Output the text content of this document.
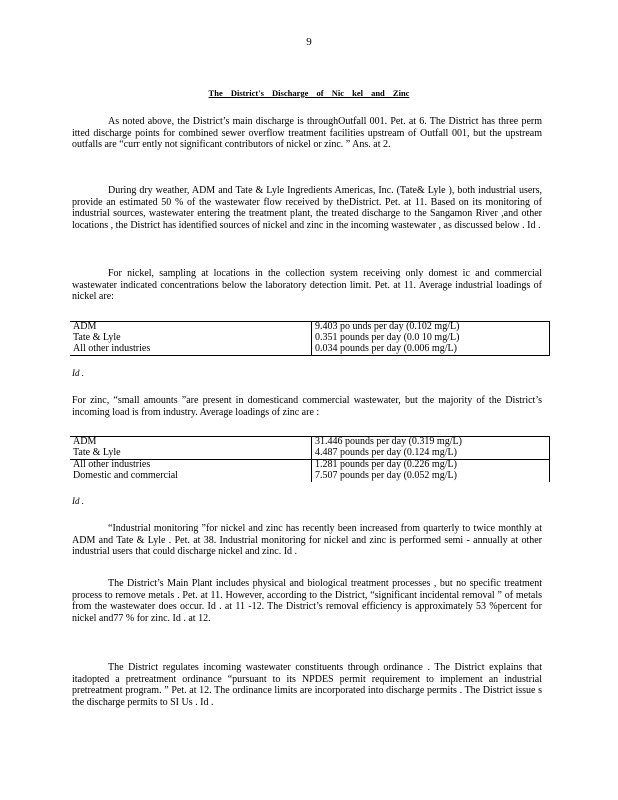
9
The District's Discharge of Nic kel and Zinc

As noted above, the District’s main discharge is throughOutfall 001. Pet. at 6. The District has three perm itted discharge points for combined sewer overflow treatment facilities upstream of Outfall 001, but the upstream outfalls are “curr ently not significant contributors of nickel or zinc. ” Ans. at 2.

During dry weather, ADM and Tate & Lyle Ingredients Americas, Inc. (Tate& Lyle ), both industrial users, provide an estimated 50 % of the wastewater flow received by theDistrict. Pet. at 11. Based on its monitoring of industrial sources, wastewater entering the treatment plant, the treated discharge to the Sangamon River ,and other locations , the District has identified sources of nickel and zinc in the incoming wastewater , as discussed below . Id .

For nickel, sampling at locations in the collection system receiving only domest ic and commercial wastewater indicated concentrations below the laboratory detection limit. Pet. at 11. Average industrial loadings of nickel are:

ADM	9.403 po unds per day (0.102 mg/L)
Tate & Lyle	0.351 pounds per day (0.0 10 mg/L)
All other industries	0.034 pounds per day (0.006 mg/L)
Id .

For zinc, “small amounts ”are present in domesticand commercial wastewater, but the majority of the District’s incoming load is from industry. Average loadings of zinc are :

ADM	31.446 pounds per day (0.319 mg/L)
Tate & Lyle	4.487 pounds per day (0.124 mg/L)
All other industries	1.281 pounds per day (0.226 mg/L)
Domestic and commercial	7.507 pounds per day (0.052 mg/L)
Id .

“Industrial monitoring ”for nickel and zinc has recently been increased from quarterly to twice monthly at ADM and Tate & Lyle . Pet. at 38. Industrial monitoring for nickel and zinc is performed semi - annually at other industrial users that could discharge nickel and zinc. Id .

The District’s Main Plant includes physical and biological treatment processes , but no specific treatment process to remove metals . Pet. at 11. However, according to the District, “significant incidental removal ” of metals from the wastewater does occur. Id . at 11 -12. The District’s removal efficiency is approximately 53 %percent for nickel and77 % for zinc. Id . at 12.

The District regulates incoming wastewater constituents through ordinance . The District explains that itadopted a pretreatment ordinance “pursuant to its NPDES permit requirement to implement an industrial pretreatment program. ” Pet. at 12. The ordinance limits are incorporated into discharge permits . The District issue s the discharge permits to SI Us . Id .
